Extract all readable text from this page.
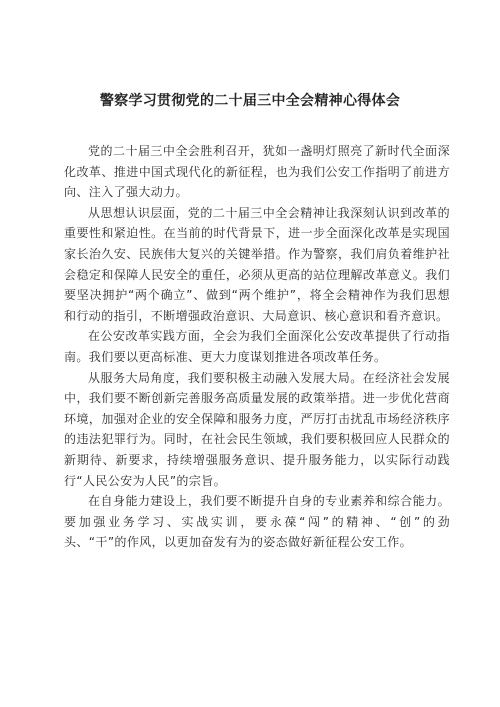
警察学习贯彻党的二十届三中全会精神心得体会

党的二十届三中全会胜利召开，犹如一盏明灯照亮了新时代全面深化改革、推进中国式现代化的新征程，也为我们公安工作指明了前进方向、注入了强大动力。

从思想认识层面，党的二十届三中全会精神让我深刻认识到改革的重要性和紧迫性。在当前的时代背景下，进一步全面深化改革是实现国家长治久安、民族伟大复兴的关键举措。作为警察，我们肩负着维护社会稳定和保障人民安全的重任，必须从更高的站位理解改革意义。我们要坚决拥护“两个确立”、做到“两个维护”，将全会精神作为我们思想和行动的指引，不断增强政治意识、大局意识、核心意识和看齐意识。

在公安改革实践方面，全会为我们全面深化公安改革提供了行动指南。我们要以更高标准、更大力度谋划推进各项改革任务。

从服务大局角度，我们要积极主动融入发展大局。在经济社会发展中，我们要不断创新完善服务高质量发展的政策举措。进一步优化营商环境，加强对企业的安全保障和服务力度，严厉打击扰乱市场经济秩序的违法犯罪行为。同时，在社会民生领域，我们要积极回应人民群众的新期待、新要求，持续增强服务意识、提升服务能力，以实际行动践行“人民公安为人民”的宗旨。

在自身能力建设上，我们要不断提升自身的专业素养和综合能力。要加强业务学习、实战实训，要永葆“闯”的精神、“创”的劲头、“干”的作风，以更加奋发有为的姿态做好新征程公安工作。
